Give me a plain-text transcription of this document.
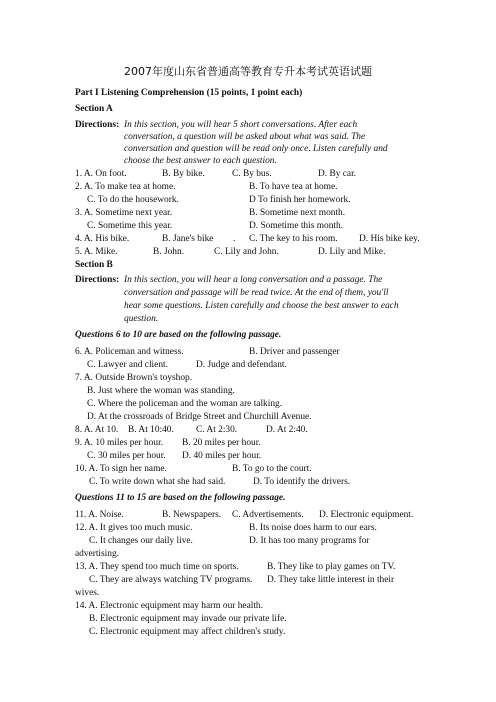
2007年度山东省普通高等教育专升本考试英语试题
Part I Listening Comprehension (15 points, 1 point each)
Section A
Directions: In this section, you will hear 5 short conversations. After each
conversation, a question will be asked about what was said. The
conversation and question will be read only once. Listen carefully and
choose the best answer to each question.
1. A. On foot.	B. By bike.	C. By bus.	D. By car.
2. A. To make tea at home.	B. To have tea at home.
C. To do the housework.	D To finish her homework.
3. A. Sometime next year.	B. Sometime next month.
C. Sometime this year.	D. Sometime this month.
4. A. His bike.	B. Jane's bike . C. The key to his room. D. His bike key.
5. A. Mike.	B. John.	C. Lily and John.	D. Lily and Mike.
Section B
Directions: In this section, you will hear a long conversation and a passage. The
conversation and passage will be read twice. At the end of them, you'll
hear some questions. Listen carefully and choose the best answer to each
question.
Questions 6 to 10 are based on the following passage.
6. A. Policeman and witness.	B. Driver and passenger
C. Lawyer and client.	D. Judge and defendant.
7. A. Outside Brown's toyshop.
B. Just where the woman was standing.
C. Where the policeman and the woman are talking.
D. At the crossroads of Bridge Street and Churchill Avenue.
8. A. At 10. B. At 10:40. C. At 2:30.	D. At 2:40.
9. A. 10 miles per hour. B. 20 miles per hour.
C. 30 miles per hour. D. 40 miles per hour.
10. A. To sign her name.	B. To go to the court.
C. To write down what she had said.	D. To identify the drivers.
Questions 11 to 15 are based on the following passage.
11. A. Noise.	B. Newspapers. C. Advertisements. D. Electronic equipment.
12. A. It gives too much music.	B. Its noise does harm to our ears.
C. It changes our daily live.	D. It has too many programs for
advertising.
13. A. They spend too much time on sports.	B. They like to play games on TV.
C. They are always watching TV programs. D. They take little interest in their
wives.
14. A. Electronic equipment may harm our health.
B. Electronic equipment may invade our private life.
C. Electronic equipment may affect children's study.
